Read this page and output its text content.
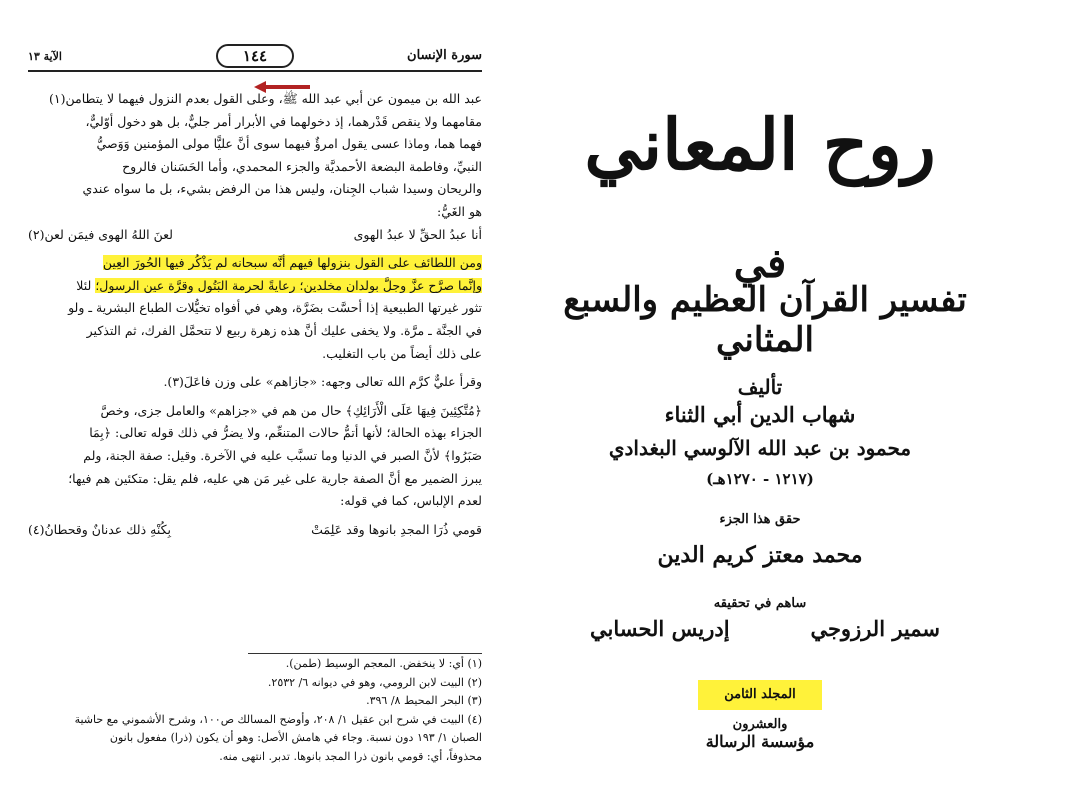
سورة الإنسان
١٤٤
الآية ١٣
عبد الله بن ميمون عن أبي عبد الله ﷺ، وعلى القول بعدم النزول فيهما لا يتطامن(١)
مقامهما ولا ينقص قَدْرهما، إذ دخولهما في الأبرار أمر جليٌّ، بل هو دخول أوّليٌّ،
فهما هما، وماذا عسى يقول امرؤٌ فيهما سوى أنَّ عليًّا مولى المؤمنين وَوَصيُّ
النبيِّ، وفاطمة البضعة الأحمديَّة والجزء المحمدي، وأما الحَسَنان فالروح
والريحان وسيدا شباب الجِنان، وليس هذا من الرفض بشيء، بل ما سواه عندي
هو الغَيُّ:
أنا عبدُ الحقِّ لا عبدُ الهوى
لعنَ اللهُ الهوى فيمَن لعن(٢)
ومن اللطائف على القول بنزولها فيهم أنَّه سبحانه لم يَذْكُر فيها الحُورَ العِين
وإنَّما صرَّح عزَّ وجلَّ بولدان مخلدين؛ رعايةً لحرمة البَتُول وقرَّة عين الرسول؛ لئلا
تثور غيرتها الطبيعية إذا أحسَّت بضَرَّة، وهي في أفواه تخيُّلات الطباع البشرية ـ ولو
في الجنَّة ـ مرَّة. ولا يخفى عليك أنَّ هذه زهرة ربيع لا تتحمَّل الفرك، ثم التذكير
على ذلك أيضاً من باب التغليب.
وقرأ عليٌّ كرَّم الله تعالى وجهه: «جازاهم» على وزن فاعَلَ(٣).
﴿مُتَّكِئِينَ فِيهَا عَلَى الْأَرَائِكِ﴾ حال من هم في «جزاهم» والعامل جزى، وخصَّ
الجزاء بهذه الحالة؛ لأنها أتمُّ حالات المتنعِّم، ولا يضرُّ في ذلك قوله تعالى: ﴿بِمَا
صَبَرُوا﴾ لأنَّ الصبر في الدنيا وما تسبَّب عليه في الآخرة. وقيل: صفة الجنة، ولم
يبرز الضمير مع أنَّ الصفة جارية على غير مَن هي عليه، فلم يقل: متكئين هم فيها؛
لعدم الإلباس، كما في قوله:
قومي ذُرَا المجدِ بانوها وقد عَلِمَتْ
بِكُنْهِ ذلك عدنانٌ وقحطانُ(٤)
(١) أي: لا ينخفض. المعجم الوسيط (طمن).
(٢) البيت لابن الرومي، وهو في ديوانه ٦/ ٢٥٣٢.
(٣) البحر المحيط ٨/ ٣٩٦.
(٤) البيت في شرح ابن عقيل ١/ ٢٠٨، وأوضح المسالك ص١٠٠، وشرح الأشموني مع حاشية
الصبان ١/ ١٩٣ دون نسبة. وجاء في هامش الأصل: وهو أن يكون (ذرا) مفعول بانون
محذوفاً، أي: قومي بانون ذرا المجد بانوها. تدبر. انتهى منه.
روح المعاني
في
تفسير القرآن العظيم والسبع المثاني
تأليف
شهاب الدين أبي الثناء
محمود بن عبد الله الآلوسي البغدادي
(١٢١٧ - ١٢٧٠هـ)
حقق هذا الجزء
محمد معتز كريم الدين
ساهم في تحقيقه
سمير الرزوجي
إدريس الحسابي
المجلد الثامن والعشرون
مؤسسة الرسالة
